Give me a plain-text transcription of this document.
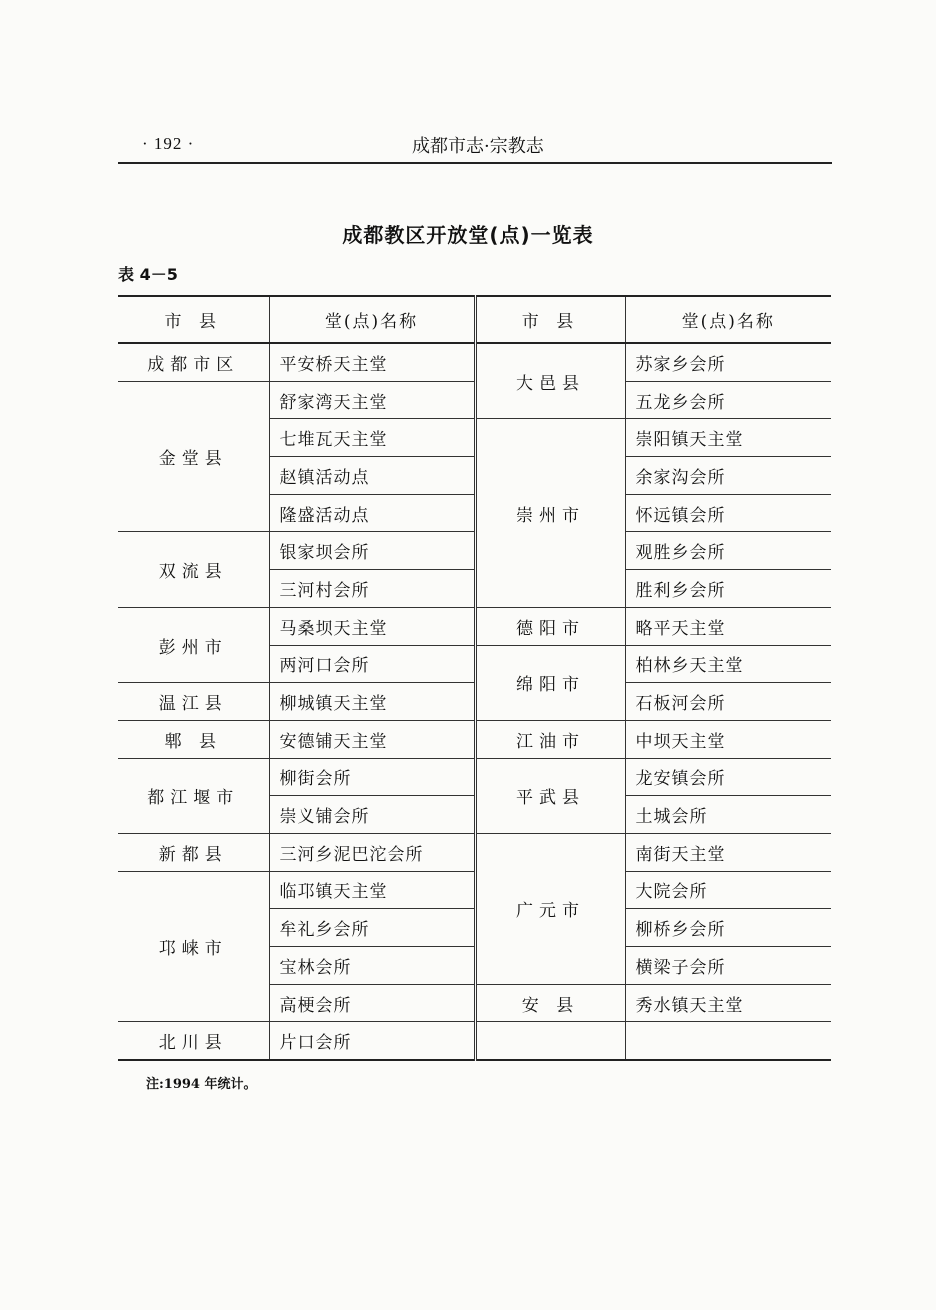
· 192 ·	成都市志·宗教志
成都教区开放堂(点)一览表
表 4－5
市 县	堂(点)名称	市 县	堂(点)名称
成都市区	平安桥天主堂	大邑县	苏家乡会所
金堂县	舒家湾天主堂		五龙乡会所
	七堆瓦天主堂	崇州市	崇阳镇天主堂
	赵镇活动点		余家沟会所
	隆盛活动点		怀远镇会所
双流县	银家坝会所		观胜乡会所
	三河村会所		胜利乡会所
彭州市	马桑坝天主堂	德阳市	略平天主堂
	两河口会所	绵阳市	柏林乡天主堂
温江县	柳城镇天主堂		石板河会所
郫 县	安德铺天主堂	江油市	中坝天主堂
都江堰市	柳街会所	平武县	龙安镇会所
	崇义铺会所		土城会所
新都县	三河乡泥巴沱会所	广元市	南街天主堂
邛崃市	临邛镇天主堂		大院会所
	牟礼乡会所		柳桥乡会所
	宝林会所		横梁子会所
	高梗会所	安 县	秀水镇天主堂
北川县	片口会所		
注:1994 年统计。
